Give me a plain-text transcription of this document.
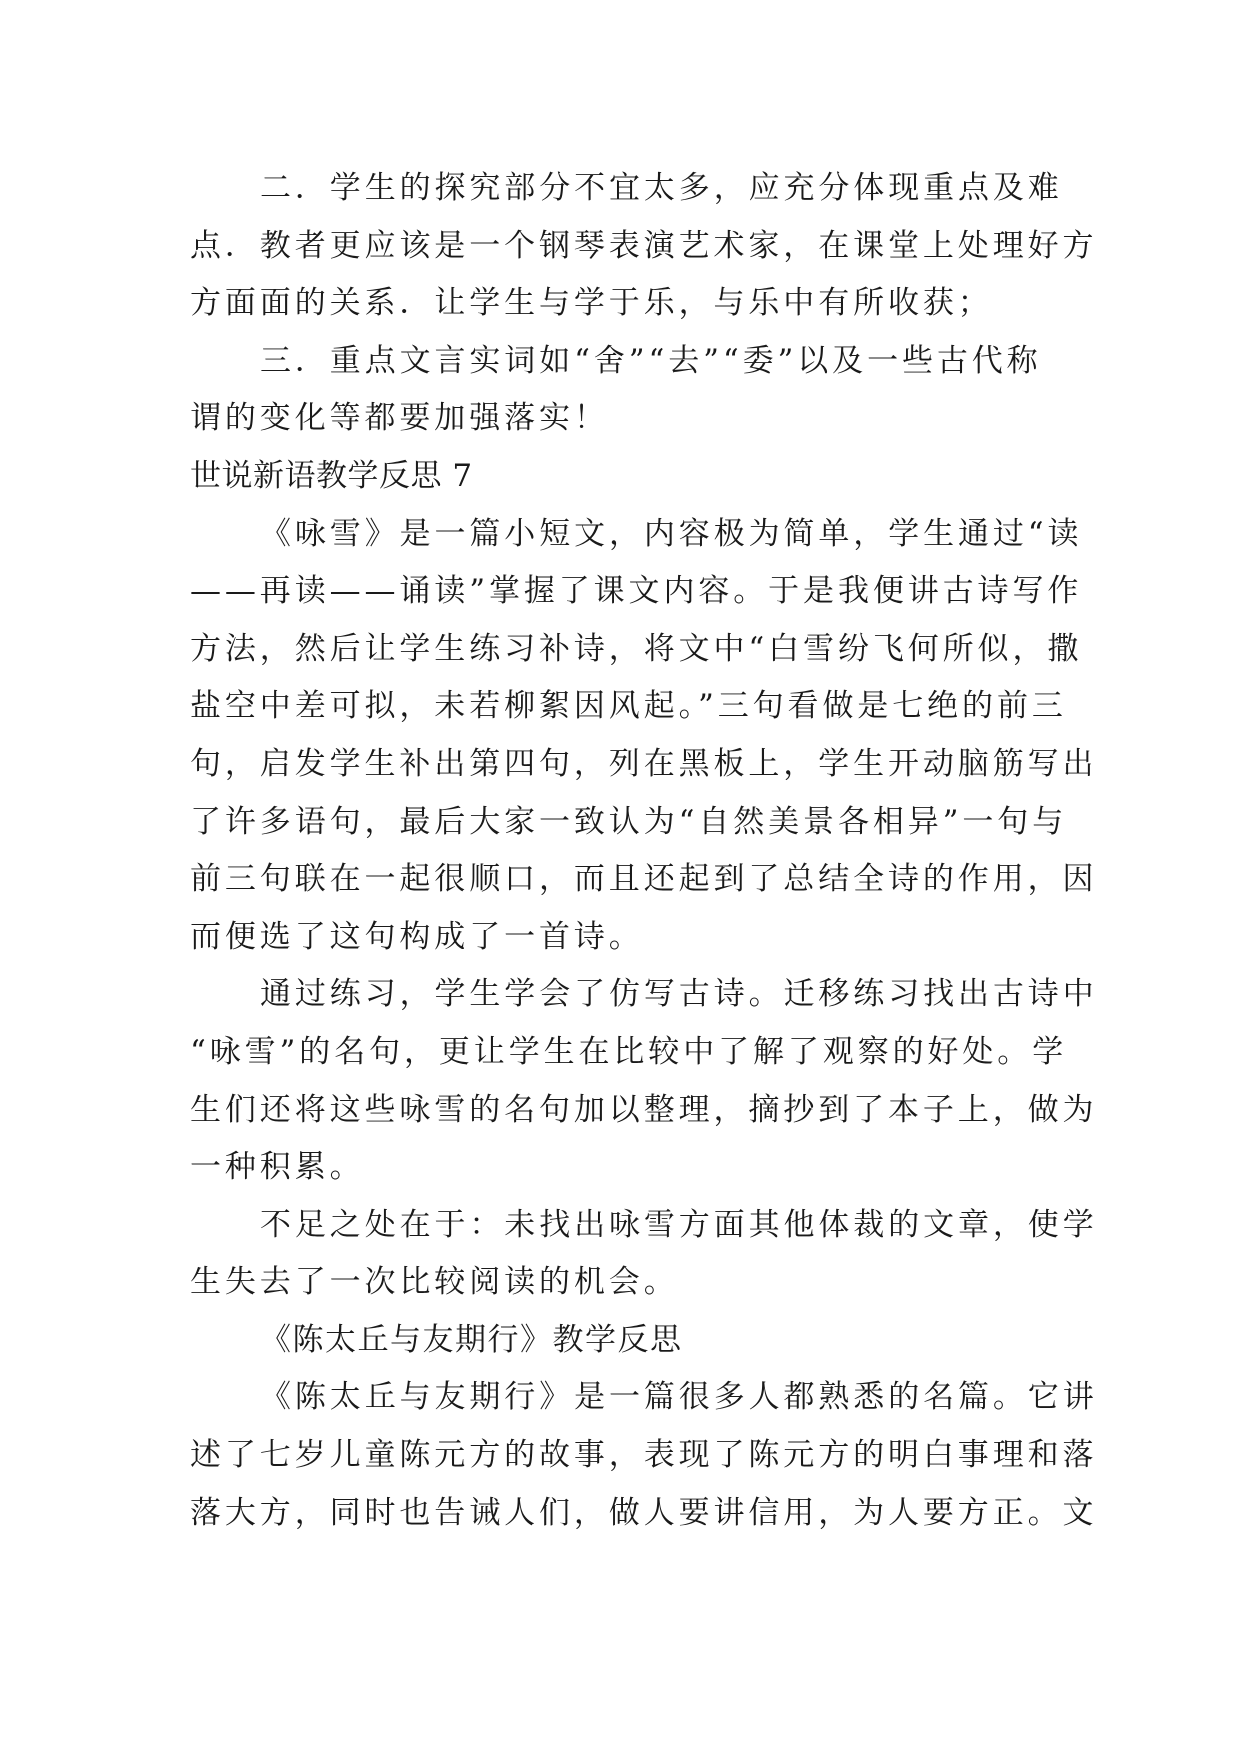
二．学生的探究部分不宜太多，应充分体现重点及难
点．教者更应该是一个钢琴表演艺术家，在课堂上处理好方
方面面的关系．让学生与学于乐，与乐中有所收获；
三．重点文言实词如“舍”“去”“委”以及一些古代称
谓的变化等都要加强落实！
世说新语教学反思 7
《咏雪》是一篇小短文，内容极为简单，学生通过“读
——再读——诵读”掌握了课文内容。于是我便讲古诗写作
方法，然后让学生练习补诗，将文中“白雪纷飞何所似，撒
盐空中差可拟，未若柳絮因风起。”三句看做是七绝的前三
句，启发学生补出第四句，列在黑板上，学生开动脑筋写出
了许多语句，最后大家一致认为“自然美景各相异”一句与
前三句联在一起很顺口，而且还起到了总结全诗的作用，因
而便选了这句构成了一首诗。
通过练习，学生学会了仿写古诗。迁移练习找出古诗中
“咏雪”的名句，更让学生在比较中了解了观察的好处。学
生们还将这些咏雪的名句加以整理，摘抄到了本子上，做为
一种积累。
不足之处在于：未找出咏雪方面其他体裁的文章，使学
生失去了一次比较阅读的机会。
《陈太丘与友期行》教学反思
《陈太丘与友期行》是一篇很多人都熟悉的名篇。它讲
述了七岁儿童陈元方的故事，表现了陈元方的明白事理和落
落大方，同时也告诫人们，做人要讲信用，为人要方正。文
